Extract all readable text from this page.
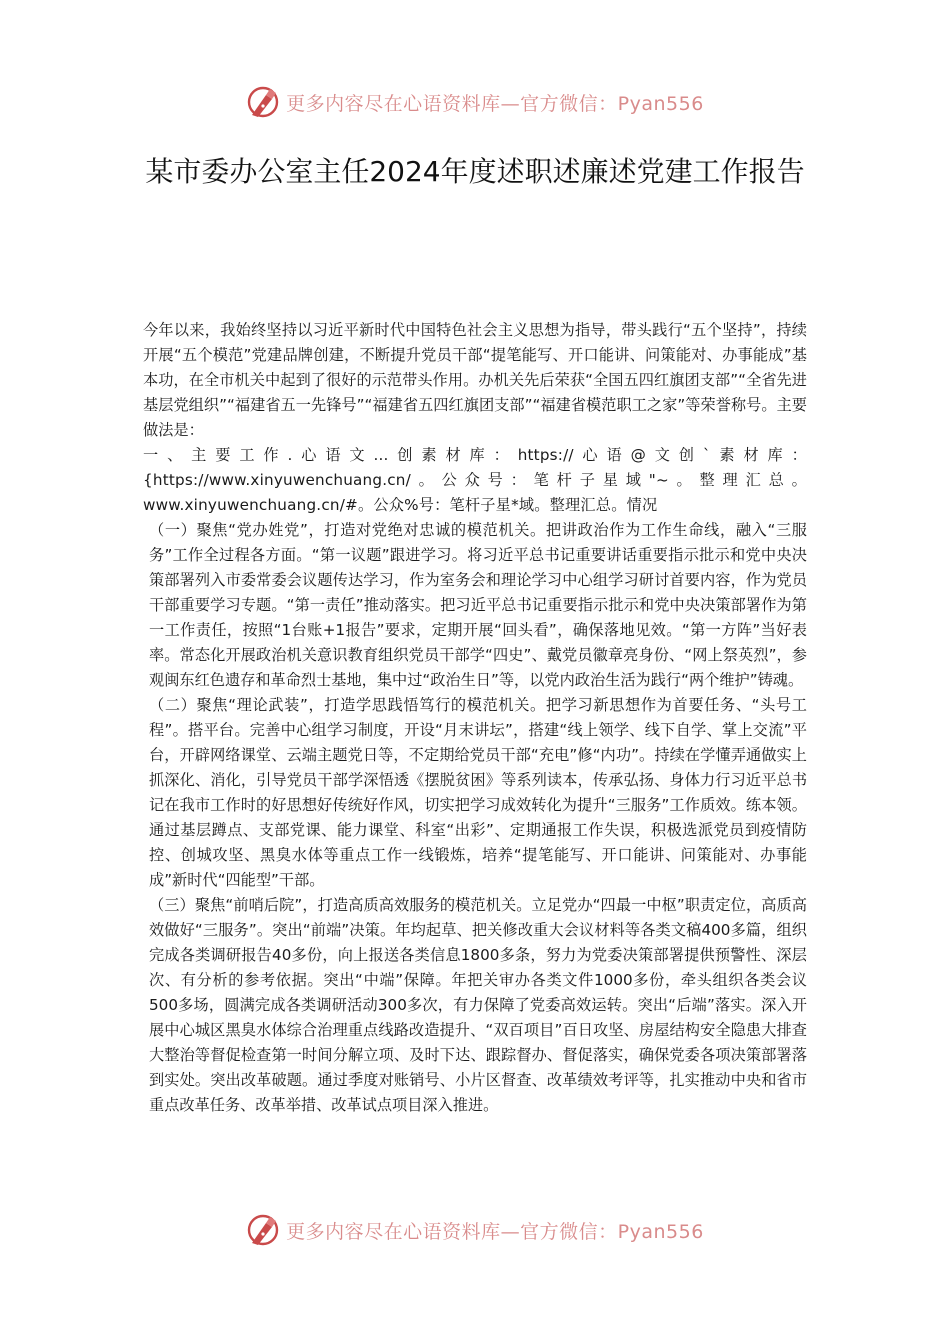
更多内容尽在心语资料库—官方微信：Pyan556
某市委办公室主任2024年度述职述廉述党建工作报告

今年以来，我始终坚持以习近平新时代中国特色社会主义思想为指导，带头践行“五个坚持”，持续开展“五个模范”党建品牌创建，不断提升党员干部“提笔能写、开口能讲、问策能对、办事能成”基本功，在全市机关中起到了很好的示范带头作用。办机关先后荣获“全国五四红旗团支部”“全省先进基层党组织”“福建省五一先锋号”“福建省五四红旗团支部”“福建省模范职工之家”等荣誉称号。主要做法是：

一、主要工作.心语文...创素材库：https://心语@文创`素材库：{https://www.xinyuwenchuang.cn/。公众号：笔杆子星域"~。整理汇总。www.xinyuwenchuang.cn/#。公众%号：笔杆子星*域。整理汇总。情况

（一）聚焦“党办姓党”，打造对党绝对忠诚的模范机关。把讲政治作为工作生命线，融入“三服务”工作全过程各方面。“第一议题”跟进学习。将习近平总书记重要讲话重要指示批示和党中央决策部署列入市委常委会议题传达学习，作为室务会和理论学习中心组学习研讨首要内容，作为党员干部重要学习专题。“第一责任”推动落实。把习近平总书记重要指示批示和党中央决策部署作为第一工作责任，按照“1台账+1报告”要求，定期开展“回头看”，确保落地见效。“第一方阵”当好表率。常态化开展政治机关意识教育组织党员干部学“四史”、戴党员徽章亮身份、“网上祭英烈”，参观闽东红色遗存和革命烈士基地，集中过“政治生日”等，以党内政治生活为践行“两个维护”铸魂。

（二）聚焦“理论武装”，打造学思践悟笃行的模范机关。把学习新思想作为首要任务、“头号工程”。搭平台。完善中心组学习制度，开设“月末讲坛”，搭建“线上领学、线下自学、掌上交流”平台，开辟网络课堂、云端主题党日等，不定期给党员干部“充电”修“内功”。持续在学懂弄通做实上抓深化、消化，引导党员干部学深悟透《摆脱贫困》等系列读本，传承弘扬、身体力行习近平总书记在我市工作时的好思想好传统好作风，切实把学习成效转化为提升“三服务”工作质效。练本领。通过基层蹲点、支部党课、能力课堂、科室“出彩”、定期通报工作失误，积极选派党员到疫情防控、创城攻坚、黑臭水体等重点工作一线锻炼，培养“提笔能写、开口能讲、问策能对、办事能成”新时代“四能型”干部。

（三）聚焦“前哨后院”，打造高质高效服务的模范机关。立足党办“四最一中枢”职责定位，高质高效做好“三服务”。突出“前端”决策。年均起草、把关修改重大会议材料等各类文稿400多篇，组织完成各类调研报告40多份，向上报送各类信息1800多条，努力为党委决策部署提供预警性、深层次、有分析的参考依据。突出“中端”保障。年把关审办各类文件1000多份，牵头组织各类会议500多场，圆满完成各类调研活动300多次，有力保障了党委高效运转。突出“后端”落实。深入开展中心城区黑臭水体综合治理重点线路改造提升、“双百项目”百日攻坚、房屋结构安全隐患大排查大整治等督促检查第一时间分解立项、及时下达、跟踪督办、督促落实，确保党委各项决策部署落到实处。突出改革破题。通过季度对账销号、小片区督查、改革绩效考评等，扎实推动中央和省市重点改革任务、改革举措、改革试点项目深入推进。

更多内容尽在心语资料库—官方微信：Pyan556
